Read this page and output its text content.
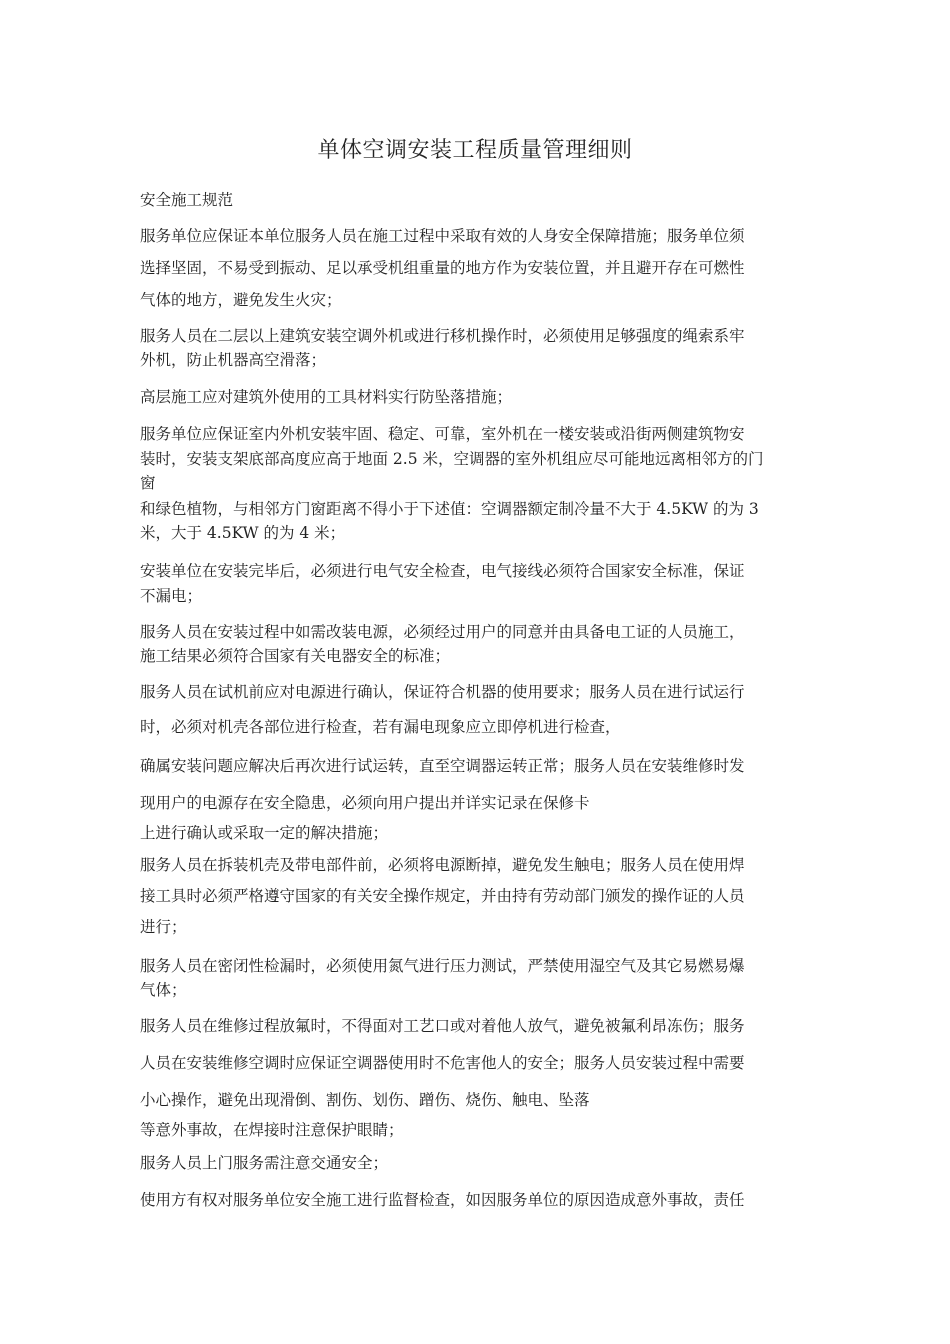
单体空调安装工程质量管理细则
安全施工规范
服务单位应保证本单位服务人员在施工过程中采取有效的人身安全保障措施；服务单位须
选择坚固，不易受到振动、足以承受机组重量的地方作为安装位置，并且避开存在可燃性
气体的地方，避免发生火灾；
服务人员在二层以上建筑安装空调外机或进行移机操作时，必须使用足够强度的绳索系牢
外机，防止机器高空滑落；
高层施工应对建筑外使用的工具材料实行防坠落措施；
服务单位应保证室内外机安装牢固、稳定、可靠，室外机在一楼安装或沿街两侧建筑物安
装时，安装支架底部高度应高于地面 2.5 米，空调器的室外机组应尽可能地远离相邻方的门
窗
和绿色植物，与相邻方门窗距离不得小于下述值：空调器额定制冷量不大于 4.5KW 的为 3
米，大于 4.5KW 的为 4 米；
安装单位在安装完毕后，必须进行电气安全检查，电气接线必须符合国家安全标准，保证
不漏电；
服务人员在安装过程中如需改装电源，必须经过用户的同意并由具备电工证的人员施工，
施工结果必须符合国家有关电器安全的标准；
服务人员在试机前应对电源进行确认，保证符合机器的使用要求；服务人员在进行试运行
时，必须对机壳各部位进行检查，若有漏电现象应立即停机进行检查，
确属安装问题应解决后再次进行试运转，直至空调器运转正常；服务人员在安装维修时发
现用户的电源存在安全隐患，必须向用户提出并详实记录在保修卡
上进行确认或采取一定的解决措施；
服务人员在拆装机壳及带电部件前，必须将电源断掉，避免发生触电；服务人员在使用焊
接工具时必须严格遵守国家的有关安全操作规定，并由持有劳动部门颁发的操作证的人员
进行；
服务人员在密闭性检漏时，必须使用氮气进行压力测试，严禁使用湿空气及其它易燃易爆
气体；
服务人员在维修过程放氟时，不得面对工艺口或对着他人放气，避免被氟利昂冻伤；服务
人员在安装维修空调时应保证空调器使用时不危害他人的安全；服务人员安装过程中需要
小心操作，避免出现滑倒、割伤、划伤、蹭伤、烧伤、触电、坠落
等意外事故，在焊接时注意保护眼睛；
服务人员上门服务需注意交通安全；
使用方有权对服务单位安全施工进行监督检查，如因服务单位的原因造成意外事故，责任
